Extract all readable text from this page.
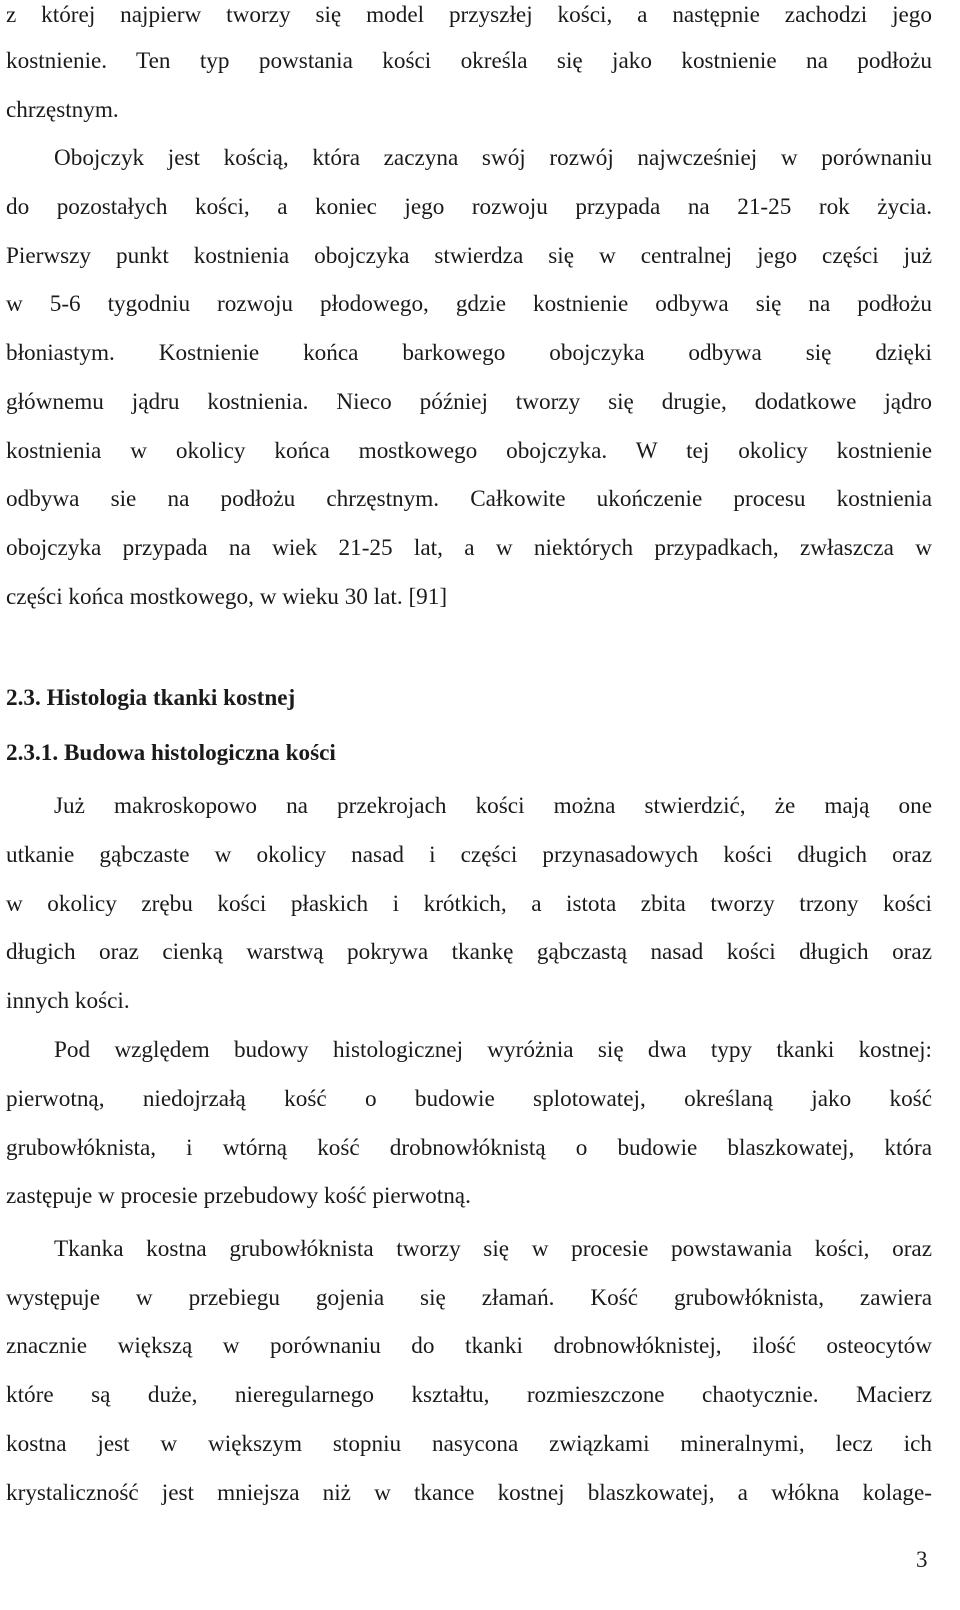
z której najpierw tworzy się model przyszłej kości, a następnie zachodzi jego
kostnienie. Ten typ powstania kości określa się jako kostnienie na podłożu
chrzęstnym.
Obojczyk jest kością, która zaczyna swój rozwój najwcześniej w porównaniu
do pozostałych kości, a koniec jego rozwoju przypada na 21-25 rok życia.
Pierwszy punkt kostnienia obojczyka stwierdza się w centralnej jego części już
w 5-6 tygodniu rozwoju płodowego, gdzie kostnienie odbywa się na podłożu
błoniastym. Kostnienie końca barkowego obojczyka odbywa się dzięki
głównemu jądru kostnienia. Nieco później tworzy się drugie, dodatkowe jądro
kostnienia w okolicy końca mostkowego obojczyka. W tej okolicy kostnienie
odbywa sie na podłożu chrzęstnym. Całkowite ukończenie procesu kostnienia
obojczyka przypada na wiek 21-25 lat, a w niektórych przypadkach, zwłaszcza w
części końca mostkowego, w wieku 30 lat. [91]
2.3. Histologia tkanki kostnej
2.3.1. Budowa histologiczna kości
Już makroskopowo na przekrojach kości można stwierdzić, że mają one
utkanie gąbczaste w okolicy nasad i części przynasadowych kości długich oraz
w okolicy zrębu kości płaskich i krótkich, a istota zbita tworzy trzony kości
długich oraz cienką warstwą pokrywa tkankę gąbczastą nasad kości długich oraz
innych kości.
Pod względem budowy histologicznej wyróżnia się dwa typy tkanki kostnej:
pierwotną, niedojrzałą kość o budowie splotowatej, określaną jako kość
grubowłóknista, i wtórną kość drobnowłóknistą o budowie blaszkowatej, która
zastępuje w procesie przebudowy kość pierwotną.
Tkanka kostna grubowłóknista tworzy się w procesie powstawania kości, oraz
występuje w przebiegu gojenia się złamań. Kość grubowłóknista, zawiera
znacznie większą w porównaniu do tkanki drobnowłóknistej, ilość osteocytów
które są duże, nieregularnego kształtu, rozmieszczone chaotycznie. Macierz
kostna jest w większym stopniu nasycona związkami mineralnymi, lecz ich
krystaliczność jest mniejsza niż w tkance kostnej blaszkowatej, a włókna kolage-
3
